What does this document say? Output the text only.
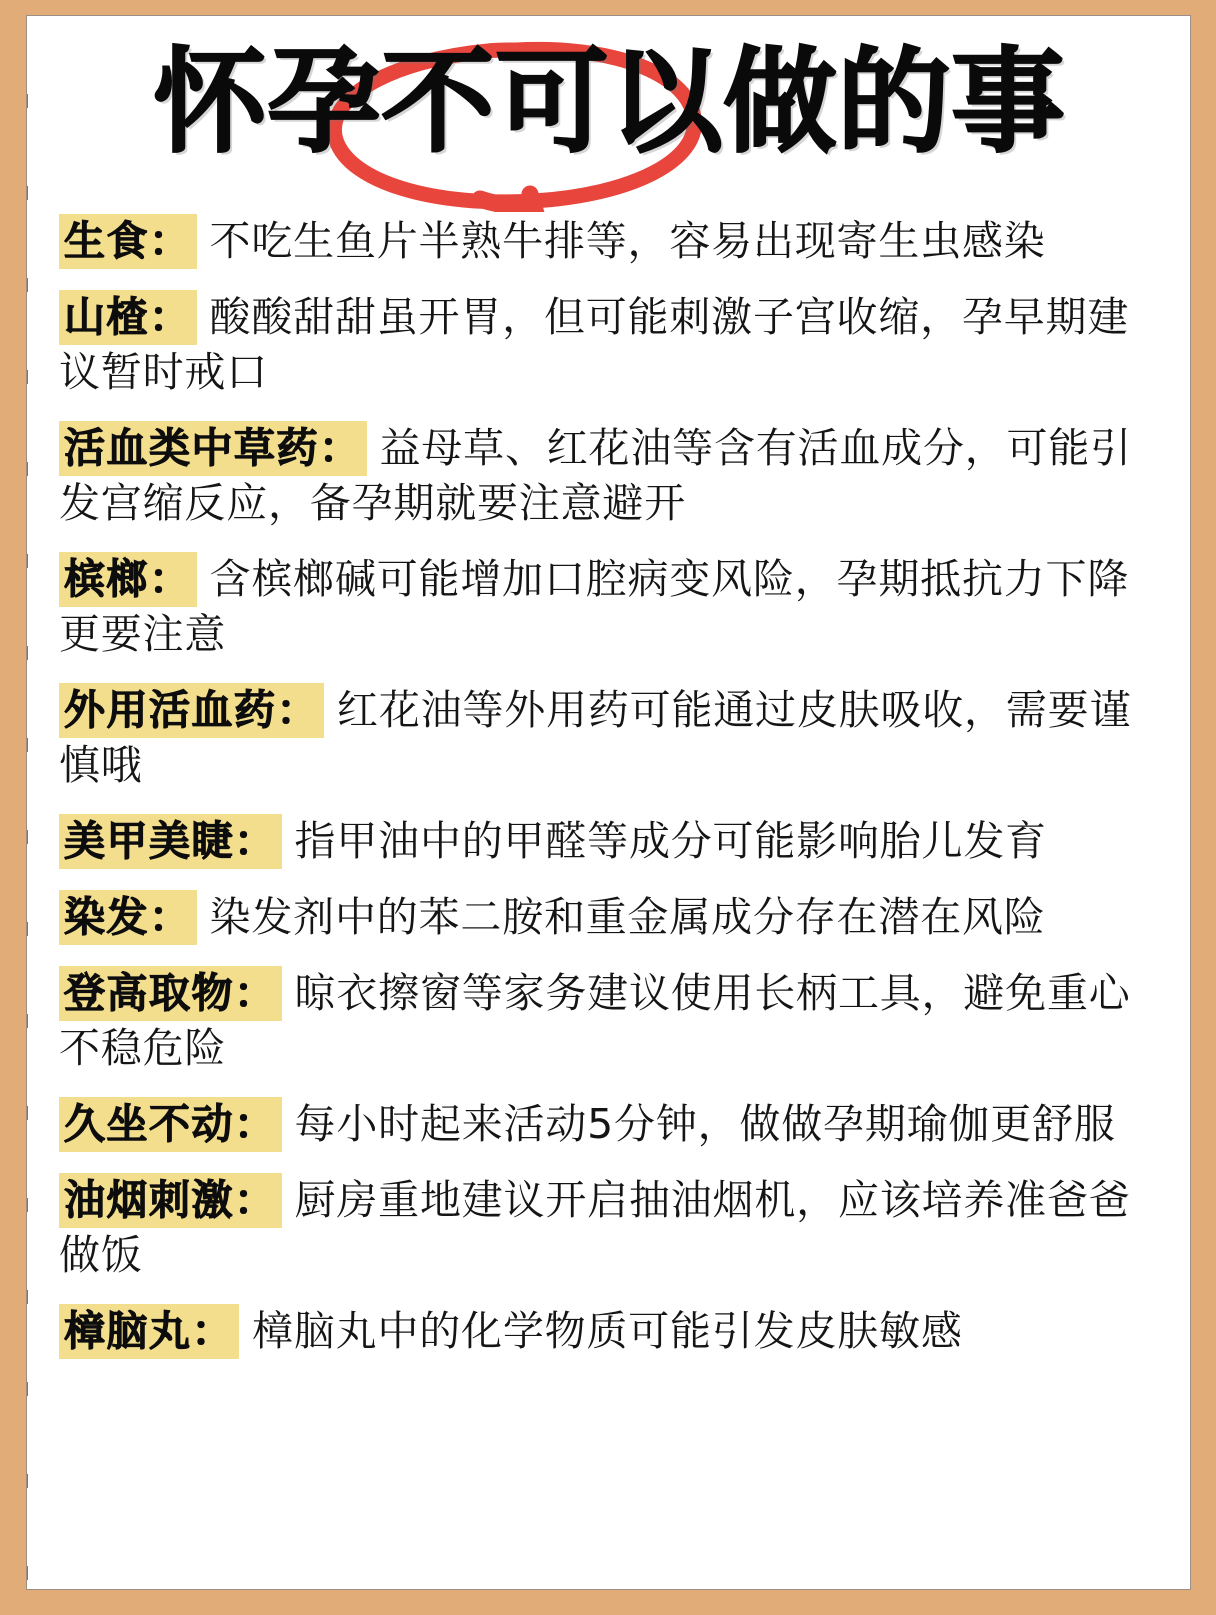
怀孕不可以做的事

生食： 不吃生鱼片半熟牛排等，容易出现寄生虫感染

山楂： 酸酸甜甜虽开胃，但可能刺激子宫收缩，孕早期建议暂时戒口

活血类中草药： 益母草、红花油等含有活血成分，可能引发宫缩反应，备孕期就要注意避开

槟榔： 含槟榔碱可能增加口腔病变风险，孕期抵抗力下降更要注意

外用活血药： 红花油等外用药可能通过皮肤吸收，需要谨慎哦

美甲美睫： 指甲油中的甲醛等成分可能影响胎儿发育

染发： 染发剂中的苯二胺和重金属成分存在潜在风险

登高取物： 晾衣擦窗等家务建议使用长柄工具，避免重心不稳危险

久坐不动： 每小时起来活动5分钟，做做孕期瑜伽更舒服

油烟刺激： 厨房重地建议开启抽油烟机，应该培养准爸爸做饭

樟脑丸： 樟脑丸中的化学物质可能引发皮肤敏感
